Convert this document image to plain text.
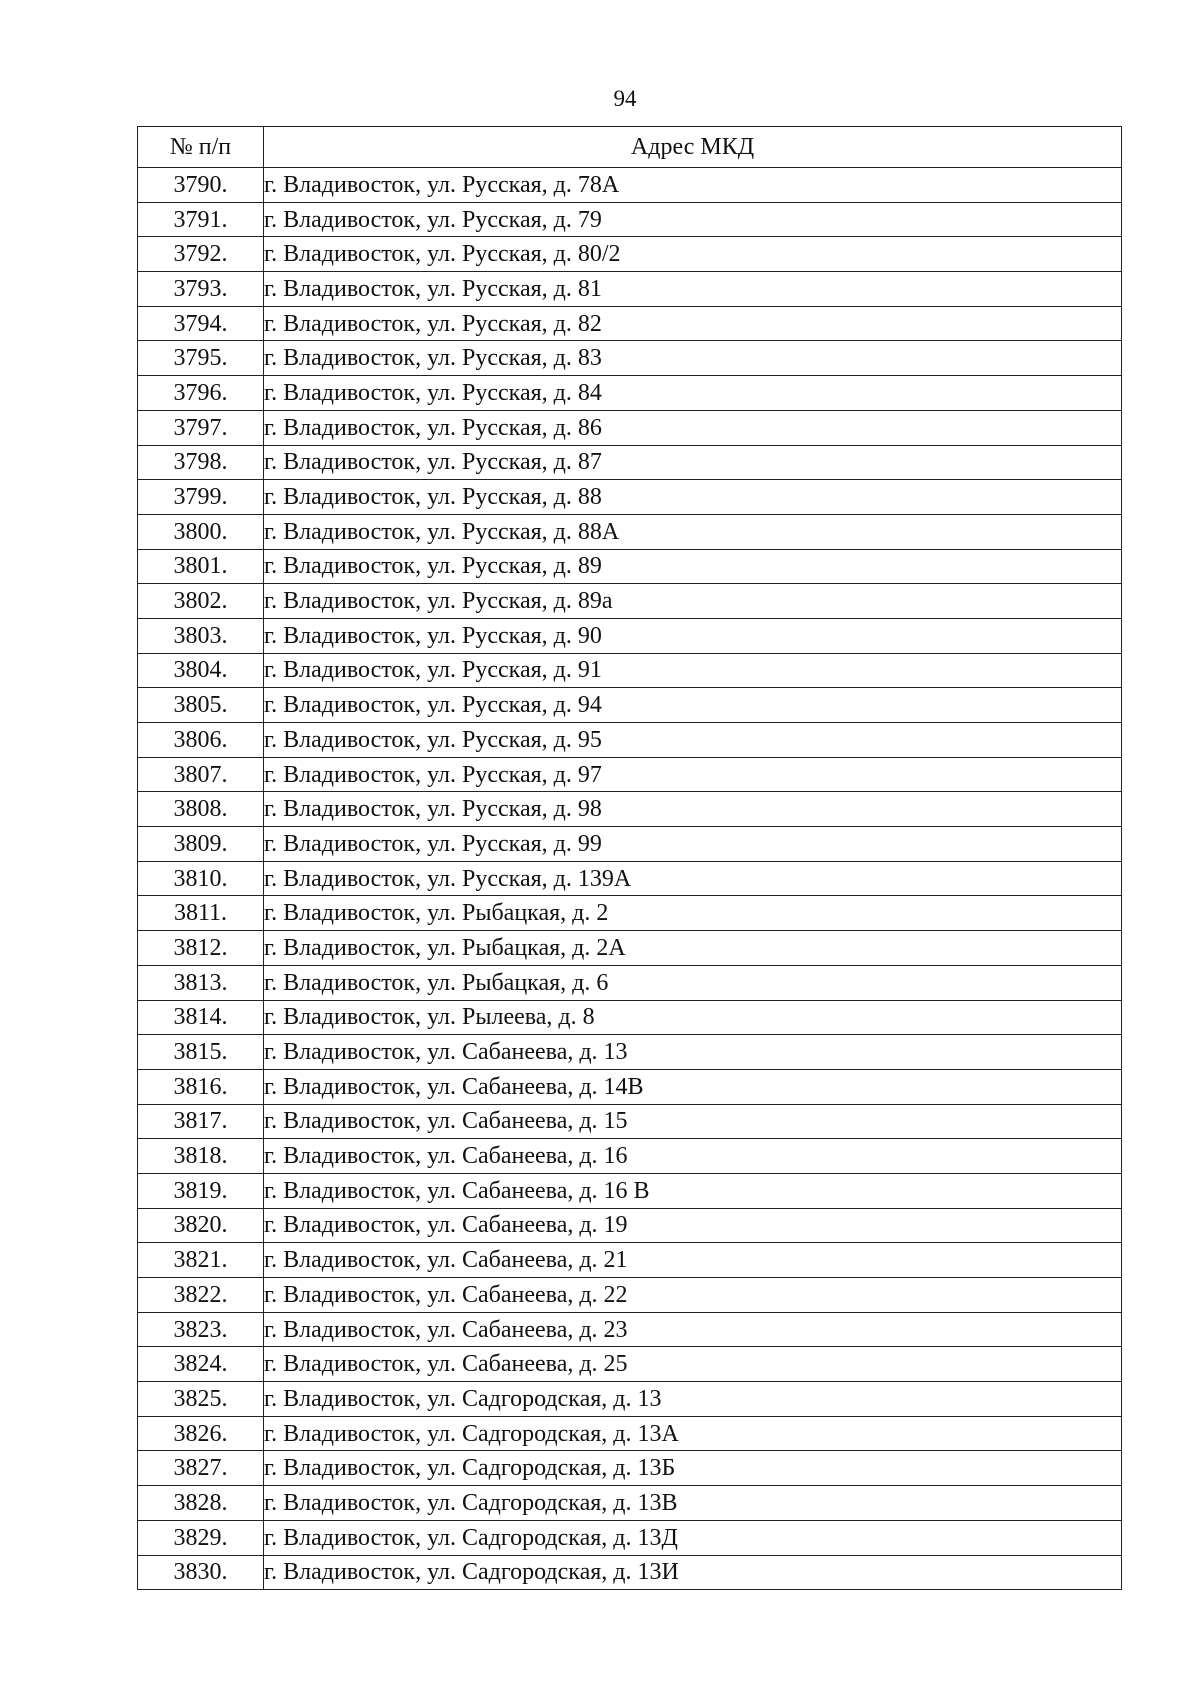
94
№ п/п	Адрес МКД
3790.	г. Владивосток, ул. Русская, д. 78А
3791.	г. Владивосток, ул. Русская, д. 79
3792.	г. Владивосток, ул. Русская, д. 80/2
3793.	г. Владивосток, ул. Русская, д. 81
3794.	г. Владивосток, ул. Русская, д. 82
3795.	г. Владивосток, ул. Русская, д. 83
3796.	г. Владивосток, ул. Русская, д. 84
3797.	г. Владивосток, ул. Русская, д. 86
3798.	г. Владивосток, ул. Русская, д. 87
3799.	г. Владивосток, ул. Русская, д. 88
3800.	г. Владивосток, ул. Русская, д. 88А
3801.	г. Владивосток, ул. Русская, д. 89
3802.	г. Владивосток, ул. Русская, д. 89а
3803.	г. Владивосток, ул. Русская, д. 90
3804.	г. Владивосток, ул. Русская, д. 91
3805.	г. Владивосток, ул. Русская, д. 94
3806.	г. Владивосток, ул. Русская, д. 95
3807.	г. Владивосток, ул. Русская, д. 97
3808.	г. Владивосток, ул. Русская, д. 98
3809.	г. Владивосток, ул. Русская, д. 99
3810.	г. Владивосток, ул. Русская, д. 139А
3811.	г. Владивосток, ул. Рыбацкая, д. 2
3812.	г. Владивосток, ул. Рыбацкая, д. 2А
3813.	г. Владивосток, ул. Рыбацкая, д. 6
3814.	г. Владивосток, ул. Рылеева, д. 8
3815.	г. Владивосток, ул. Сабанеева, д. 13
3816.	г. Владивосток, ул. Сабанеева, д. 14В
3817.	г. Владивосток, ул. Сабанеева, д. 15
3818.	г. Владивосток, ул. Сабанеева, д. 16
3819.	г. Владивосток, ул. Сабанеева, д. 16 В
3820.	г. Владивосток, ул. Сабанеева, д. 19
3821.	г. Владивосток, ул. Сабанеева, д. 21
3822.	г. Владивосток, ул. Сабанеева, д. 22
3823.	г. Владивосток, ул. Сабанеева, д. 23
3824.	г. Владивосток, ул. Сабанеева, д. 25
3825.	г. Владивосток, ул. Садгородская, д. 13
3826.	г. Владивосток, ул. Садгородская, д. 13А
3827.	г. Владивосток, ул. Садгородская, д. 13Б
3828.	г. Владивосток, ул. Садгородская, д. 13В
3829.	г. Владивосток, ул. Садгородская, д. 13Д
3830.	г. Владивосток, ул. Садгородская, д. 13И
